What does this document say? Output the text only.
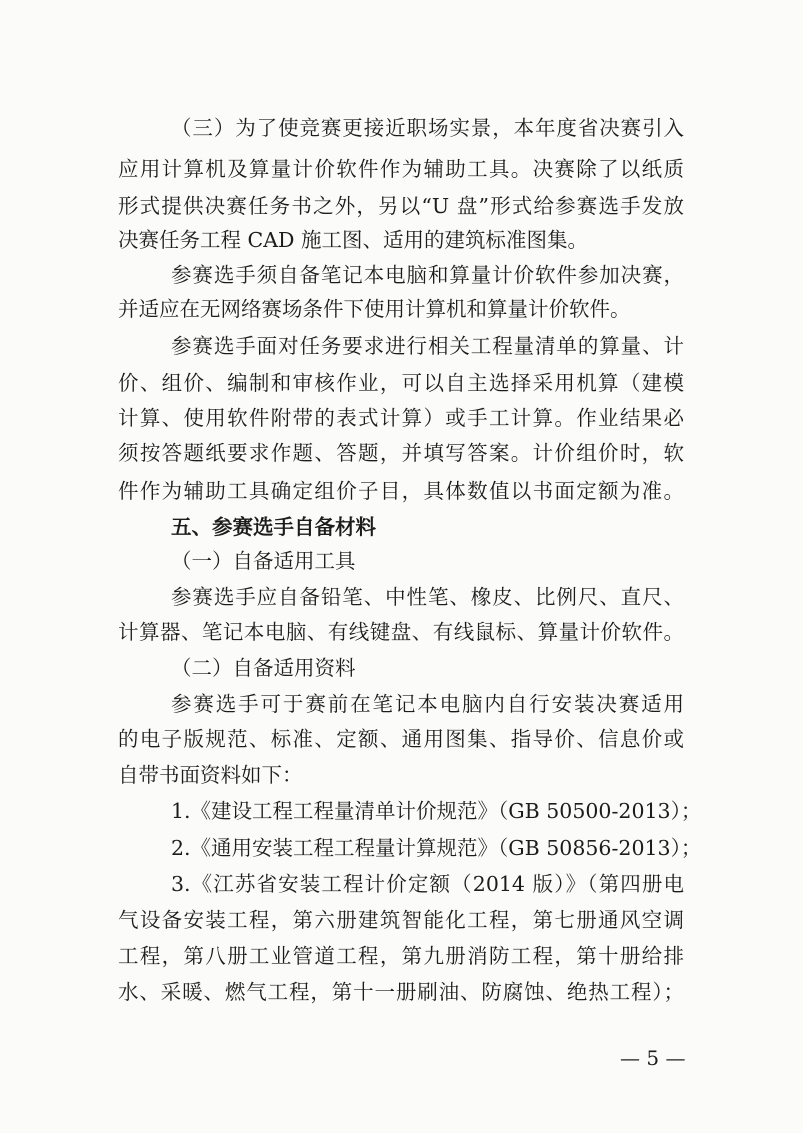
（三）为了使竞赛更接近职场实景，本年度省决赛引入
应用计算机及算量计价软件作为辅助工具。决赛除了以纸质
形式提供决赛任务书之外，另以“U 盘”形式给参赛选手发放
决赛任务工程 CAD 施工图、适用的建筑标准图集。
参赛选手须自备笔记本电脑和算量计价软件参加决赛，
并适应在无网络赛场条件下使用计算机和算量计价软件。
参赛选手面对任务要求进行相关工程量清单的算量、计
价、组价、编制和审核作业，可以自主选择采用机算（建模
计算、使用软件附带的表式计算）或手工计算。作业结果必
须按答题纸要求作题、答题，并填写答案。计价组价时，软
件作为辅助工具确定组价子目，具体数值以书面定额为准。
五、参赛选手自备材料
（一）自备适用工具
参赛选手应自备铅笔、中性笔、橡皮、比例尺、直尺、
计算器、笔记本电脑、有线键盘、有线鼠标、算量计价软件。
（二）自备适用资料
参赛选手可于赛前在笔记本电脑内自行安装决赛适用
的电子版规范、标准、定额、通用图集、指导价、信息价或
自带书面资料如下：
1.《建设工程工程量清单计价规范》（GB 50500-2013）；
2.《通用安装工程工程量计算规范》（GB 50856-2013）；
3.《江苏省安装工程计价定额（2014 版）》（第四册电
气设备安装工程，第六册建筑智能化工程，第七册通风空调
工程，第八册工业管道工程，第九册消防工程，第十册给排
水、采暖、燃气工程，第十一册刷油、防腐蚀、绝热工程）；
— 5 —
